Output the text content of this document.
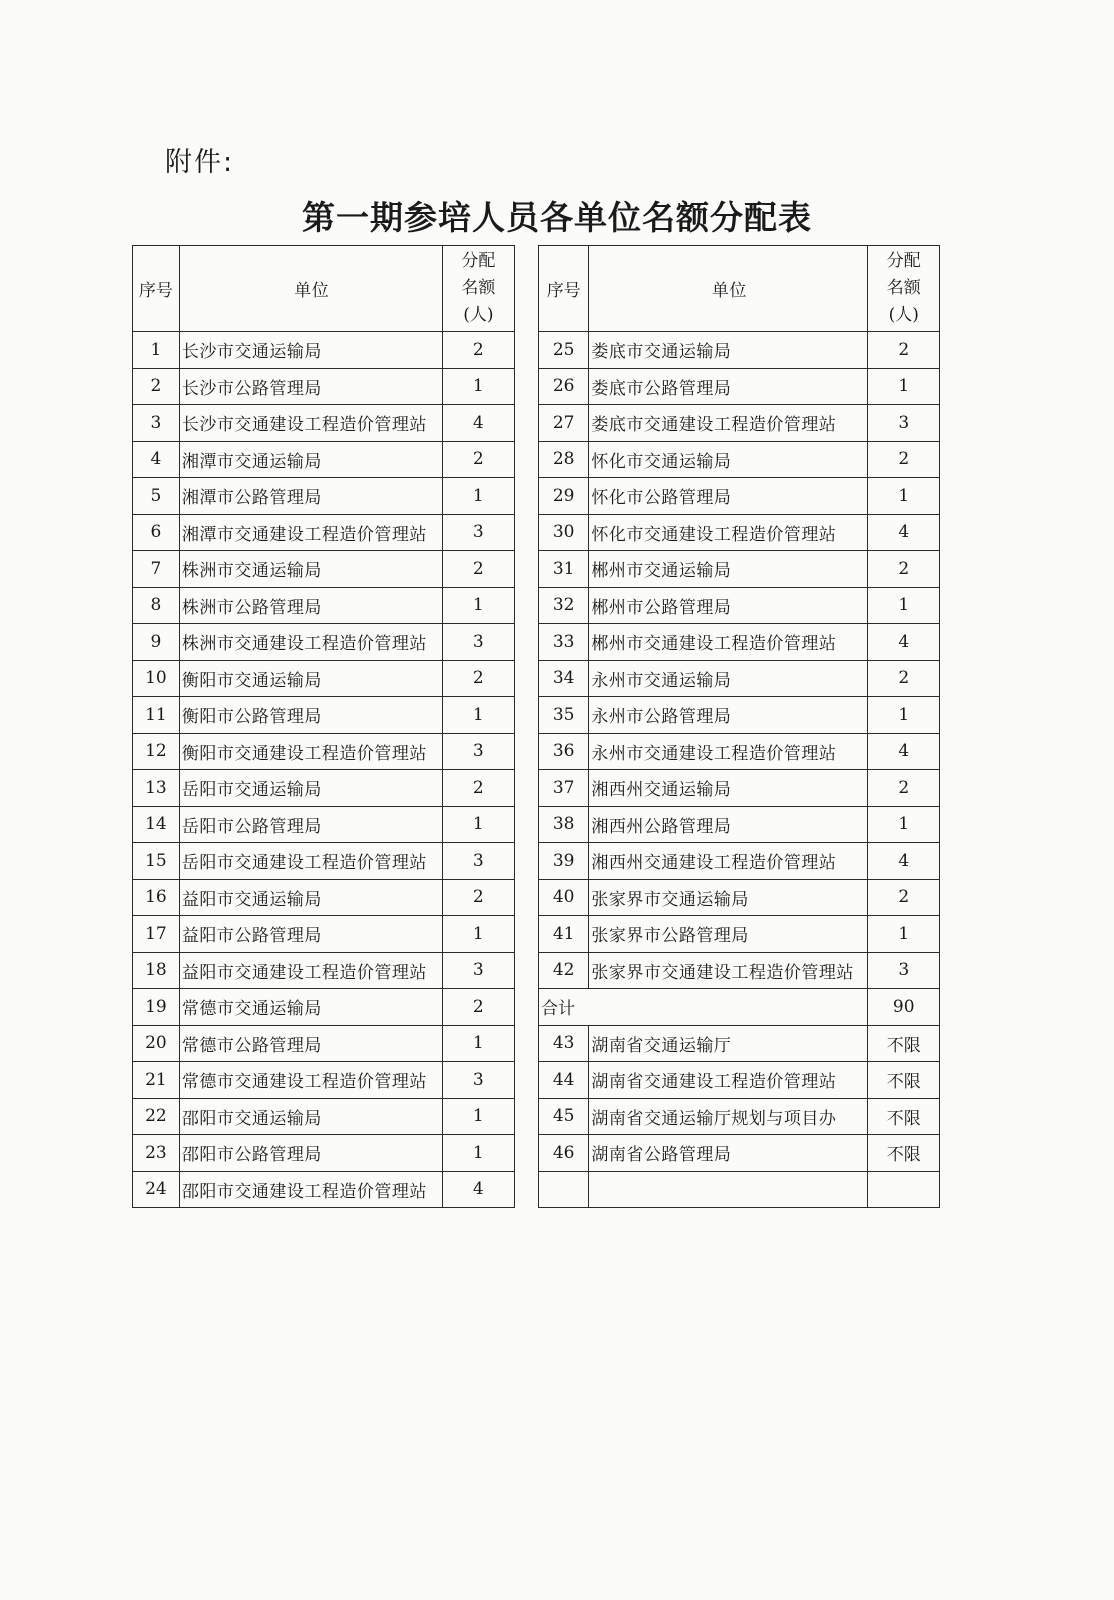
附件:
第一期参培人员各单位名额分配表
序号	单位	分配
名额
(人)

1	长沙市交通运输局	2
2	长沙市公路管理局	1
3	长沙市交通建设工程造价管理站	4
4	湘潭市交通运输局	2
5	湘潭市公路管理局	1
6	湘潭市交通建设工程造价管理站	3
7	株洲市交通运输局	2
8	株洲市公路管理局	1
9	株洲市交通建设工程造价管理站	3
10	衡阳市交通运输局	2
11	衡阳市公路管理局	1
12	衡阳市交通建设工程造价管理站	3
13	岳阳市交通运输局	2
14	岳阳市公路管理局	1
15	岳阳市交通建设工程造价管理站	3
16	益阳市交通运输局	2
17	益阳市公路管理局	1
18	益阳市交通建设工程造价管理站	3
19	常德市交通运输局	2
20	常德市公路管理局	1
21	常德市交通建设工程造价管理站	3
22	邵阳市交通运输局	1
23	邵阳市公路管理局	1
24	邵阳市交通建设工程造价管理站	4
序号	单位	分配
名额
(人)

25	娄底市交通运输局	2
26	娄底市公路管理局	1
27	娄底市交通建设工程造价管理站	3
28	怀化市交通运输局	2
29	怀化市公路管理局	1
30	怀化市交通建设工程造价管理站	4
31	郴州市交通运输局	2
32	郴州市公路管理局	1
33	郴州市交通建设工程造价管理站	4
34	永州市交通运输局	2
35	永州市公路管理局	1
36	永州市交通建设工程造价管理站	4
37	湘西州交通运输局	2
38	湘西州公路管理局	1
39	湘西州交通建设工程造价管理站	4
40	张家界市交通运输局	2
41	张家界市公路管理局	1
42	张家界市交通建设工程造价管理站	3
合计		90
43	湖南省交通运输厅	不限
44	湖南省交通建设工程造价管理站	不限
45	湖南省交通运输厅规划与项目办	不限
46	湖南省公路管理局	不限
